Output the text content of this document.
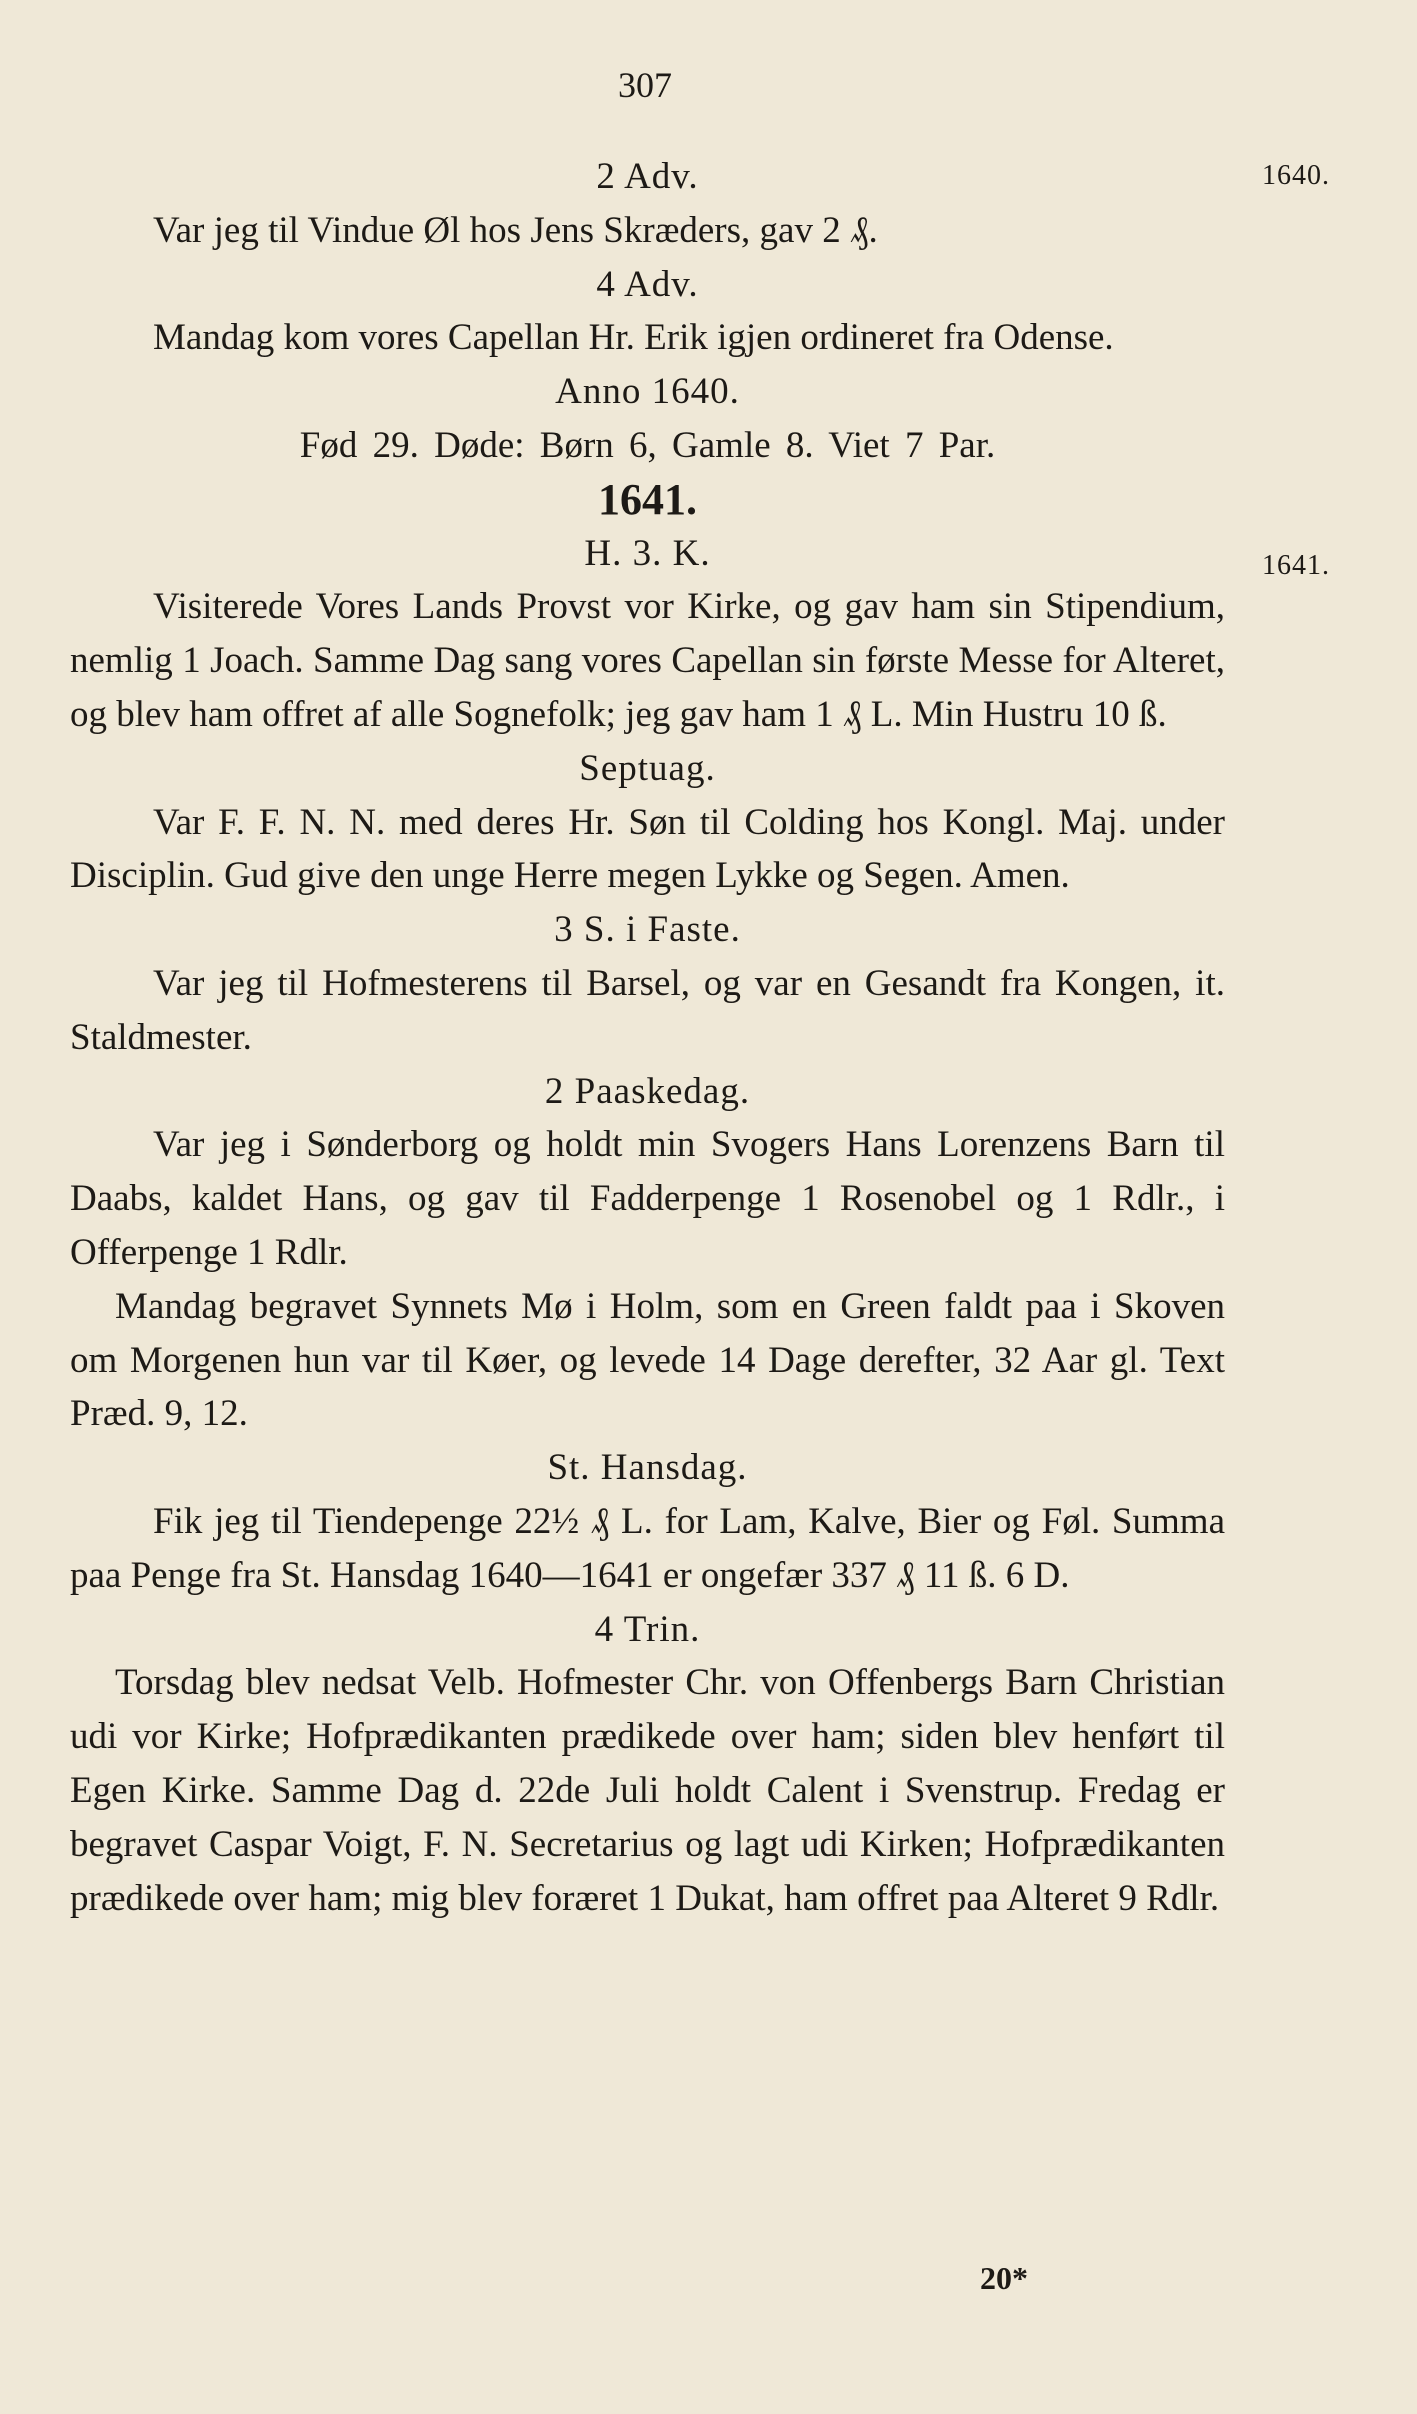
307
1640.
1641.

2 Adv.

Var jeg til Vindue Øl hos Jens Skræders, gav 2 ₰.

4 Adv.

Mandag kom vores Capellan Hr. Erik igjen ordineret fra Odense.

Anno 1640.

Fød 29. Døde: Børn 6, Gamle 8. Viet 7 Par.

1641.

H. 3. K.

Visiterede Vores Lands Provst vor Kirke, og gav ham sin Stipendium, nemlig 1 Joach. Samme Dag sang vores Capellan sin første Messe for Alteret, og blev ham offret af alle Sognefolk; jeg gav ham 1 ₰ L. Min Hustru 10 ß.

Septuag.

Var F. F. N. N. med deres Hr. Søn til Colding hos Kongl. Maj. under Disciplin. Gud give den unge Herre megen Lykke og Segen. Amen.

3 S. i Faste.

Var jeg til Hofmesterens til Barsel, og var en Gesandt fra Kongen, it. Staldmester.

2 Paaskedag.

Var jeg i Sønderborg og holdt min Svogers Hans Lorenzens Barn til Daabs, kaldet Hans, og gav til Fadderpenge 1 Rosenobel og 1 Rdlr., i Offerpenge 1 Rdlr.

Mandag begravet Synnets Mø i Holm, som en Green faldt paa i Skoven om Morgenen hun var til Køer, og levede 14 Dage derefter, 32 Aar gl. Text Præd. 9, 12.

St. Hansdag.

Fik jeg til Tiendepenge 22½ ₰ L. for Lam, Kalve, Bier og Føl. Summa paa Penge fra St. Hansdag 1640—1641 er ongefær 337 ₰ 11 ß. 6 D.

4 Trin.

Torsdag blev nedsat Velb. Hofmester Chr. von Offenbergs Barn Christian udi vor Kirke; Hofprædikanten prædikede over ham; siden blev henført til Egen Kirke. Samme Dag d. 22de Juli holdt Calent i Svenstrup. Fredag er begravet Caspar Voigt, F. N. Secretarius og lagt udi Kirken; Hofprædikanten prædikede over ham; mig blev foræret 1 Dukat, ham offret paa Alteret 9 Rdlr.

20*
